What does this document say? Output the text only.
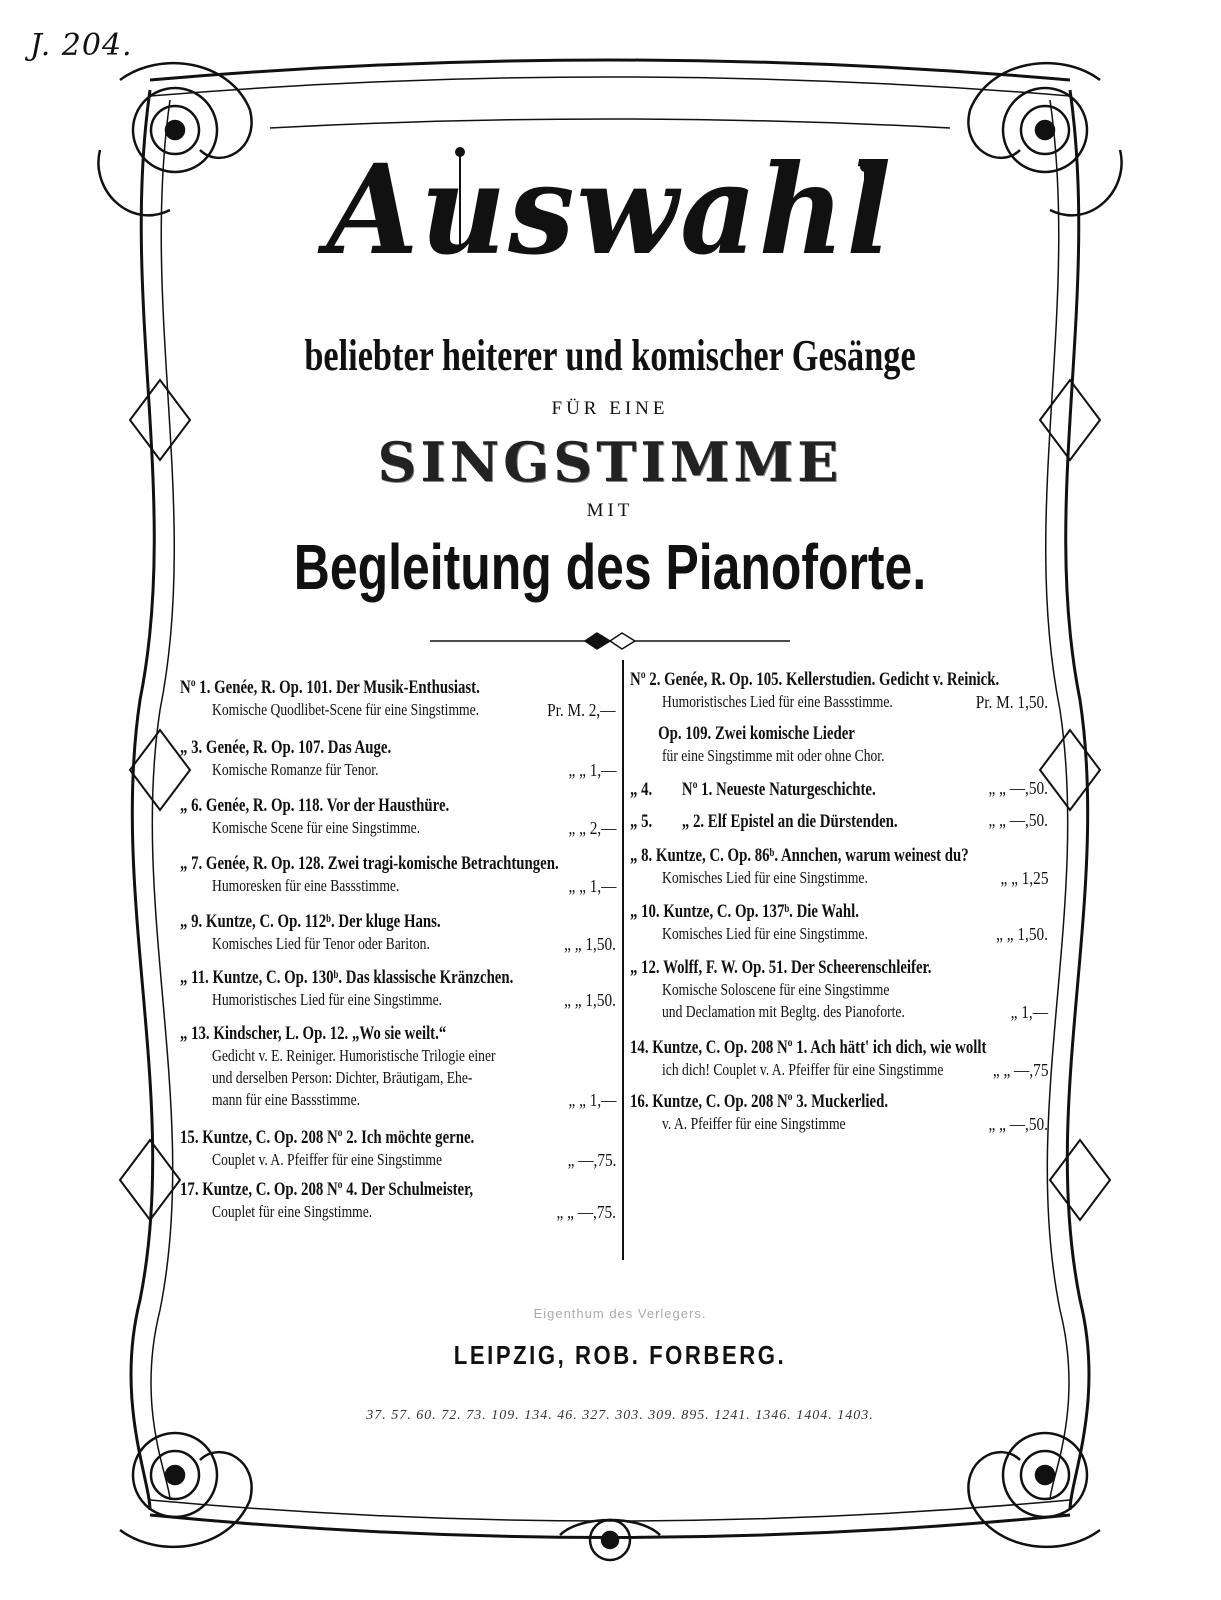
J. 204.
Auswahl
beliebter heiterer und komischer Gesänge
FÜR EINE
SINGSTIMME
MIT
Begleitung des Pianoforte.
Nº 1. Genée, R. Op. 101. Der Musik-Enthusiast.
Komische Quodlibet-Scene für eine Singstimme.	Pr. M. 2,—
„ 3. Genée, R. Op. 107. Das Auge.
Komische Romanze für Tenor.	„ „ 1,—
„ 6. Genée, R. Op. 118. Vor der Hausthüre.
Komische Scene für eine Singstimme.	„ „ 2,—
„ 7. Genée, R. Op. 128. Zwei tragi-komische Betrachtungen.
Humoresken für eine Bassstimme.	„ „ 1,—
„ 9. Kuntze, C. Op. 112ᵇ. Der kluge Hans.
Komisches Lied für Tenor oder Bariton.	„ „ 1,50.
„ 11. Kuntze, C. Op. 130ᵇ. Das klassische Kränzchen.
Humoristisches Lied für eine Singstimme.	„ „ 1,50.
„ 13. Kindscher, L. Op. 12. „Wo sie weilt.“
Gedicht v. E. Reiniger. Humoristische Trilogie einer
und derselben Person: Dichter, Bräutigam, Ehe-
mann für eine Bassstimme.	„ „ 1,—
15. Kuntze, C. Op. 208 Nº 2. Ich möchte gerne.
Couplet v. A. Pfeiffer für eine Singstimme	„ —,75.
17. Kuntze, C. Op. 208 Nº 4. Der Schulmeister,
Couplet für eine Singstimme.	„ „ —,75.
Nº 2. Genée, R. Op. 105. Kellerstudien. Gedicht v. Reinick.
Humoristisches Lied für eine Bassstimme.	Pr. M. 1,50.
Op. 109. Zwei komische Lieder
für eine Singstimme mit oder ohne Chor.
„ 4.        Nº 1. Neueste Naturgeschichte.	„ „ —,50.
„ 5.        „ 2. Elf Epistel an die Dürstenden.	„ „ —,50.
„ 8. Kuntze, C. Op. 86ᵇ. Annchen, warum weinest du?
Komisches Lied für eine Singstimme.	„ „ 1,25
„ 10. Kuntze, C. Op. 137ᵇ. Die Wahl.
Komisches Lied für eine Singstimme.	„ „ 1,50.
„ 12. Wolff, F. W. Op. 51. Der Scheerenschleifer.
Komische Soloscene für eine Singstimme
und Declamation mit Begltg. des Pianoforte.	„ 1,—
14. Kuntze, C. Op. 208 Nº 1. Ach hätt' ich dich, wie wollt
ich dich! Couplet v. A. Pfeiffer für eine Singstimme	„ „ —,75
16. Kuntze, C. Op. 208 Nº 3. Muckerlied.
v. A. Pfeiffer für eine Singstimme	„ „ —,50.
Eigenthum des Verlegers.
LEIPZIG, ROB. FORBERG.
37. 57. 60. 72. 73. 109. 134. 46. 327. 303. 309. 895. 1241. 1346. 1404. 1403.
